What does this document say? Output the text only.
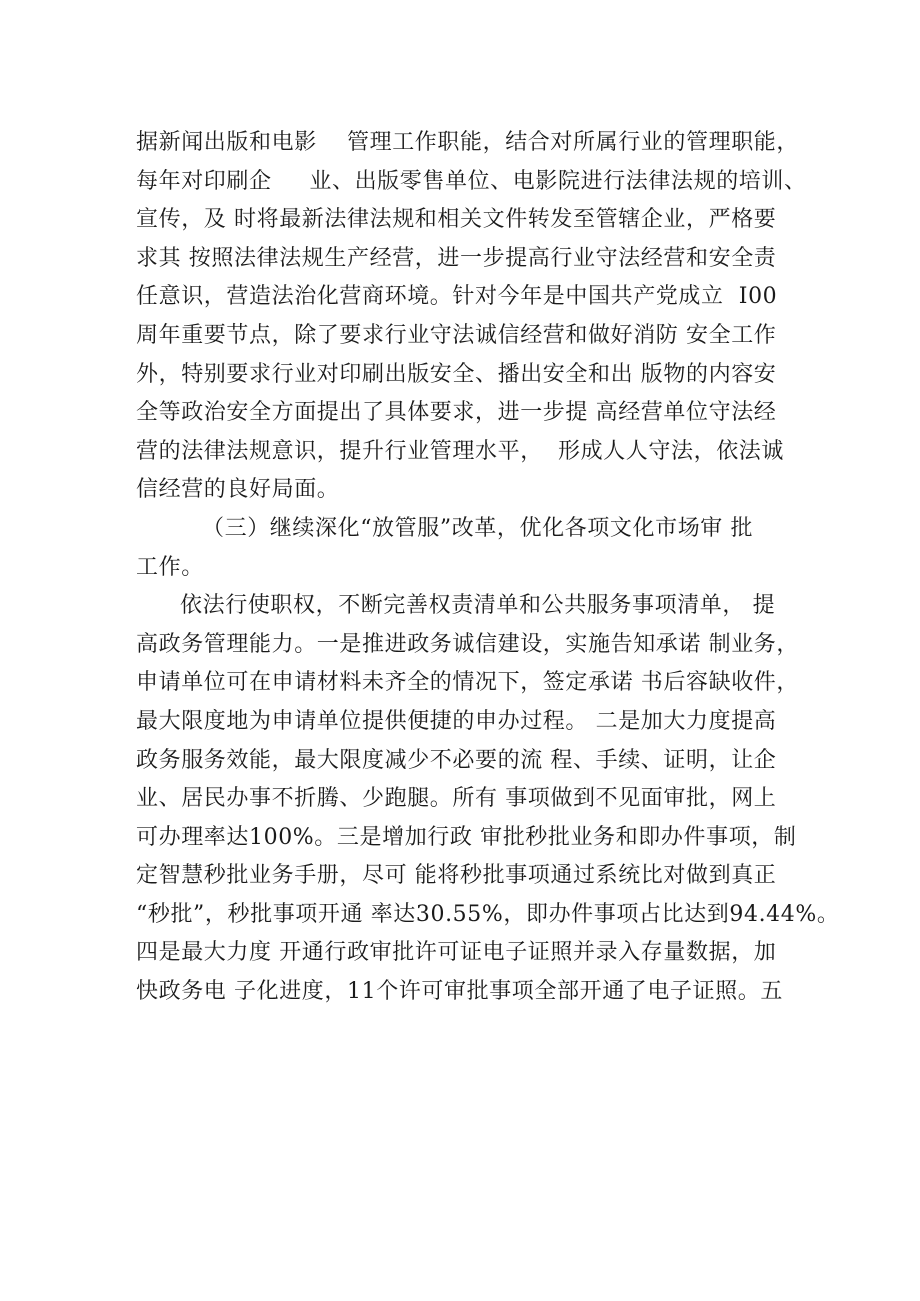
据新闻出版和电影　 管理工作职能，结合对所属行业的管理职能，
每年对印刷企　  业、出版零售单位、电影院进行法律法规的培训、
宣传，及 时将最新法律法规和相关文件转发至管辖企业，严格要
求其 按照法律法规生产经营，进一步提高行业守法经营和安全责
任意识，营造法治化营商环境。针对今年是中国共产党成立  I00
周年重要节点，除了要求行业守法诚信经营和做好消防 安全工作
外，特别要求行业对印刷出版安全、播出安全和出 版物的内容安
全等政治安全方面提出了具体要求，进一步提 高经营单位守法经
营的法律法规意识，提升行业管理水平，  形成人人守法，依法诚
信经营的良好局面。
（三）继续深化“放管服”改革，优化各项文化市场审 批
工作。
依法行使职权，不断完善权责清单和公共服务事项清单， 提
高政务管理能力。一是推进政务诚信建设，实施告知承诺 制业务，
申请单位可在申请材料未齐全的情况下，签定承诺 书后容缺收件，
最大限度地为申请单位提供便捷的申办过程。 二是加大力度提高
政务服务效能，最大限度减少不必要的流 程、手续、证明，让企
业、居民办事不折腾、少跑腿。所有 事项做到不见面审批，网上
可办理率达100%。三是增加行政 审批秒批业务和即办件事项，制
定智慧秒批业务手册，尽可 能将秒批事项通过系统比对做到真正
“秒批”，秒批事项开通 率达30.55%，即办件事项占比达到94.44%。
四是最大力度 开通行政审批许可证电子证照并录入存量数据，加
快政务电 子化进度，11个许可审批事项全部开通了电子证照。五
